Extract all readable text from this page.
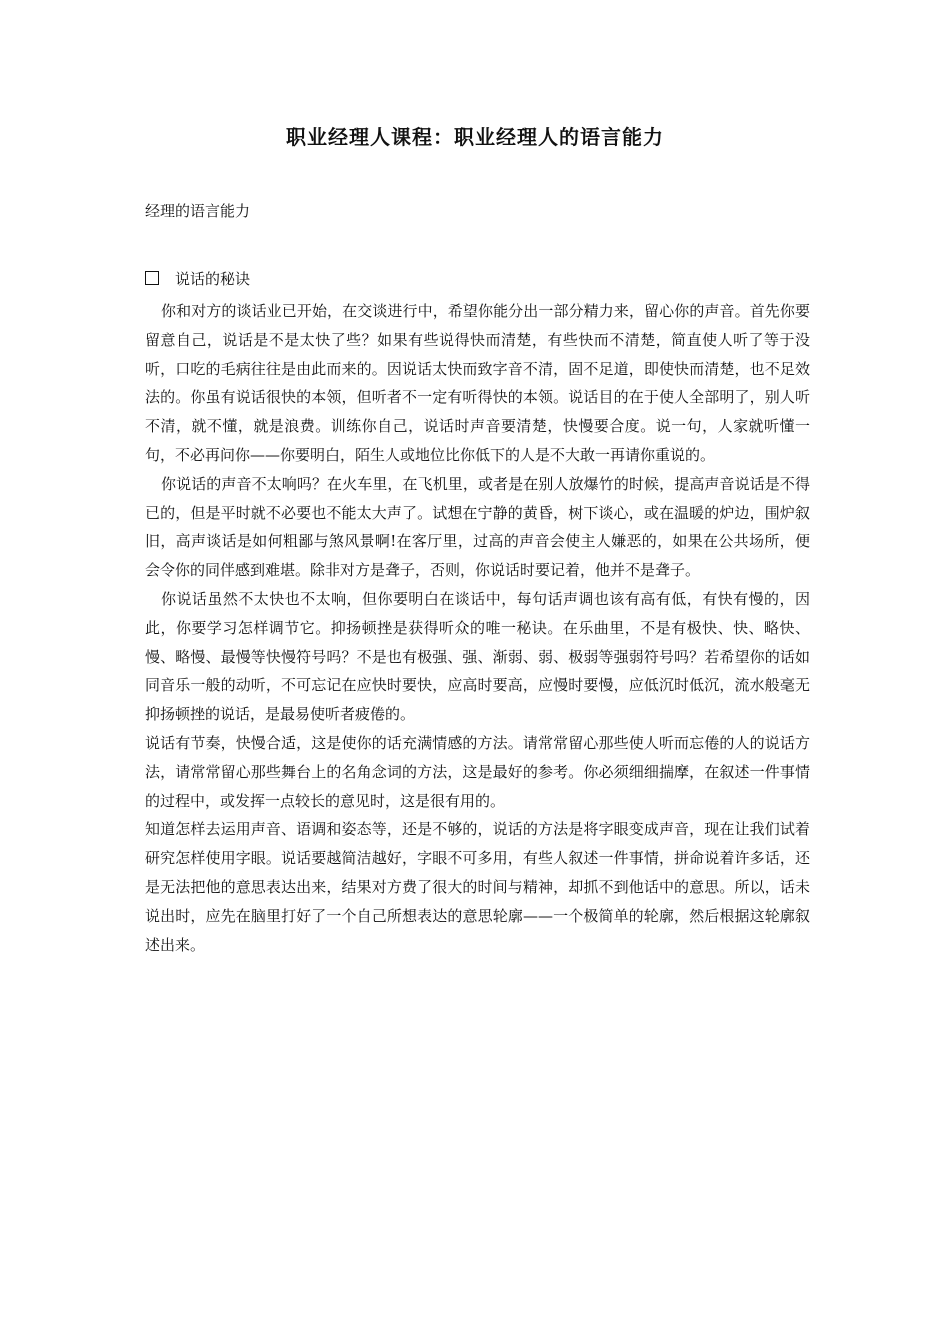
职业经理人课程：职业经理人的语言能力
经理的语言能力
说话的秘诀

你和对方的谈话业已开始，在交谈进行中，希望你能分出一部分精力来，留心你的声音。首先你要留意自己，说话是不是太快了些？如果有些说得快而清楚，有些快而不清楚，简直使人听了等于没听，口吃的毛病往往是由此而来的。因说话太快而致字音不清，固不足道，即使快而清楚，也不足效法的。你虽有说话很快的本领，但听者不一定有听得快的本领。说话目的在于使人全部明了，别人听不清，就不懂，就是浪费。训练你自己，说话时声音要清楚，快慢要合度。说一句，人家就听懂一句，不必再问你——你要明白，陌生人或地位比你低下的人是不大敢一再请你重说的。

你说话的声音不太响吗？在火车里，在飞机里，或者是在别人放爆竹的时候，提高声音说话是不得已的，但是平时就不必要也不能太大声了。试想在宁静的黄昏，树下谈心，或在温暖的炉边，围炉叙旧，高声谈话是如何粗鄙与煞风景啊!在客厅里，过高的声音会使主人嫌恶的，如果在公共场所，便会令你的同伴感到难堪。除非对方是聋子，否则，你说话时要记着，他并不是聋子。

你说话虽然不太快也不太响，但你要明白在谈话中，每句话声调也该有高有低，有快有慢的，因此，你要学习怎样调节它。抑扬顿挫是获得听众的唯一秘诀。在乐曲里，不是有极快、快、略快、慢、略慢、最慢等快慢符号吗？不是也有极强、强、渐弱、弱、极弱等强弱符号吗？若希望你的话如同音乐一般的动听，不可忘记在应快时要快，应高时要高，应慢时要慢，应低沉时低沉，流水般毫无抑扬顿挫的说话，是最易使听者疲倦的。

说话有节奏，快慢合适，这是使你的话充满情感的方法。请常常留心那些使人听而忘倦的人的说话方法，请常常留心那些舞台上的名角念词的方法，这是最好的参考。你必须细细揣摩，在叙述一件事情的过程中，或发挥一点较长的意见时，这是很有用的。

知道怎样去运用声音、语调和姿态等，还是不够的，说话的方法是将字眼变成声音，现在让我们试着研究怎样使用字眼。说话要越简洁越好，字眼不可多用，有些人叙述一件事情，拼命说着许多话，还是无法把他的意思表达出来，结果对方费了很大的时间与精神，却抓不到他话中的意思。所以，话未说出时，应先在脑里打好了一个自己所想表达的意思轮廓——一个极简单的轮廓，然后根据这轮廓叙述出来。
